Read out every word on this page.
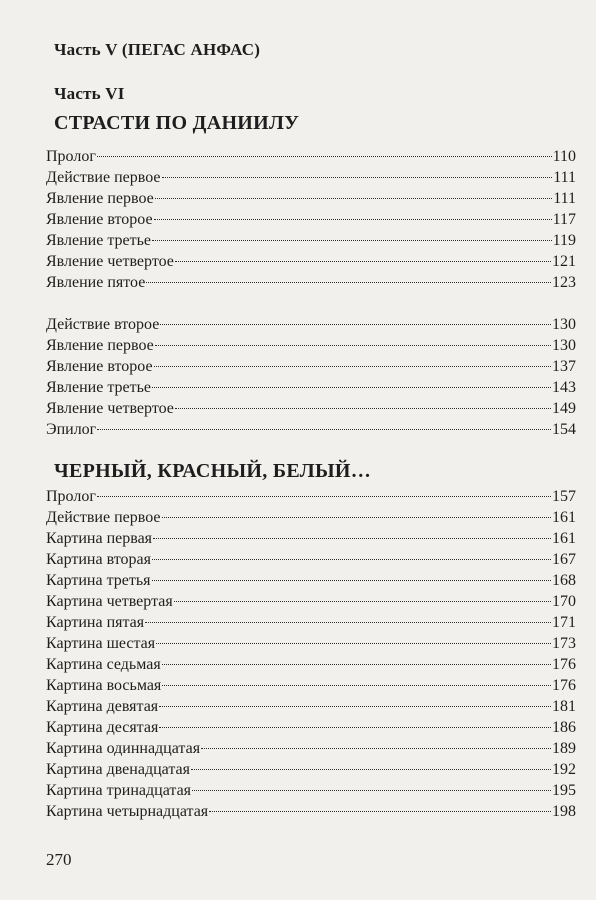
Часть V (ПЕГАС АНФАС)
Часть VI
СТРАСТИ ПО ДАНИИЛУ
Пролог	110
Действие первое	111
Явление первое	111
Явление второе	117
Явление третье	119
Явление четвертое	121
Явление пятое	123
Действие второе	130
Явление первое	130
Явление второе	137
Явление третье	143
Явление четвертое	149
Эпилог	154
ЧЕРНЫЙ, КРАСНЫЙ, БЕЛЫЙ…
Пролог	157
Действие первое	161
Картина первая	161
Картина вторая	167
Картина третья	168
Картина четвертая	170
Картина пятая	171
Картина шестая	173
Картина седьмая	176
Картина восьмая	176
Картина девятая	181
Картина десятая	186
Картина одиннадцатая	189
Картина двенадцатая	192
Картина тринадцатая	195
Картина четырнадцатая	198
270
